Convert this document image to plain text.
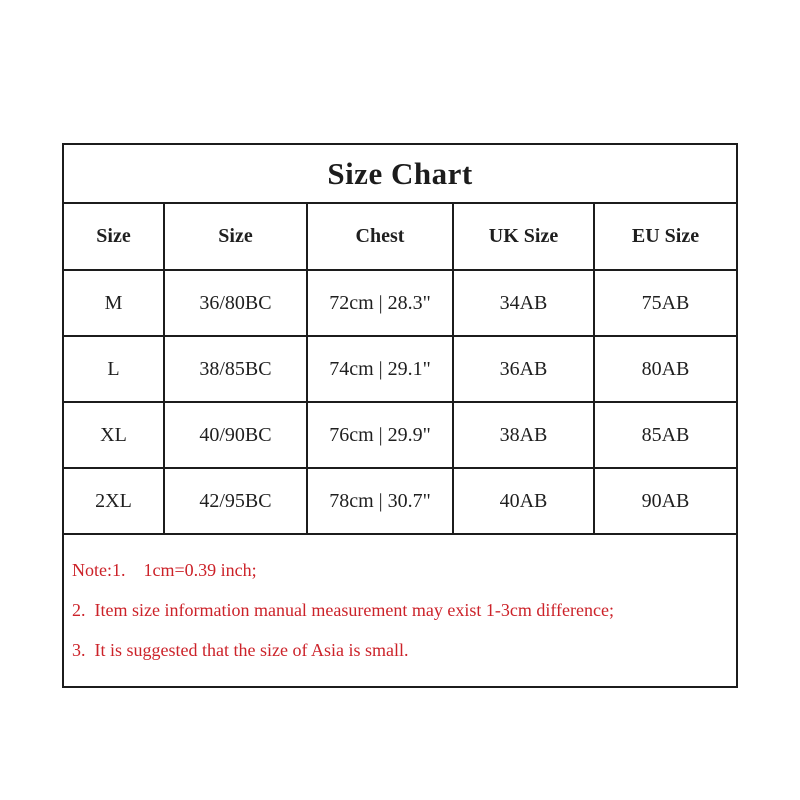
Size Chart
Size	Size	Chest	UK Size	EU Size
M	36/80BC	72cm | 28.3"	34AB	75AB
L	38/85BC	74cm | 29.1"	36AB	80AB
XL	40/90BC	76cm | 29.9"	38AB	85AB
2XL	42/95BC	78cm | 30.7"	40AB	90AB
Note:1.    1cm=0.39 inch;
2.  Item size information manual measurement may exist 1-3cm difference;
3.  It is suggested that the size of Asia is small.
